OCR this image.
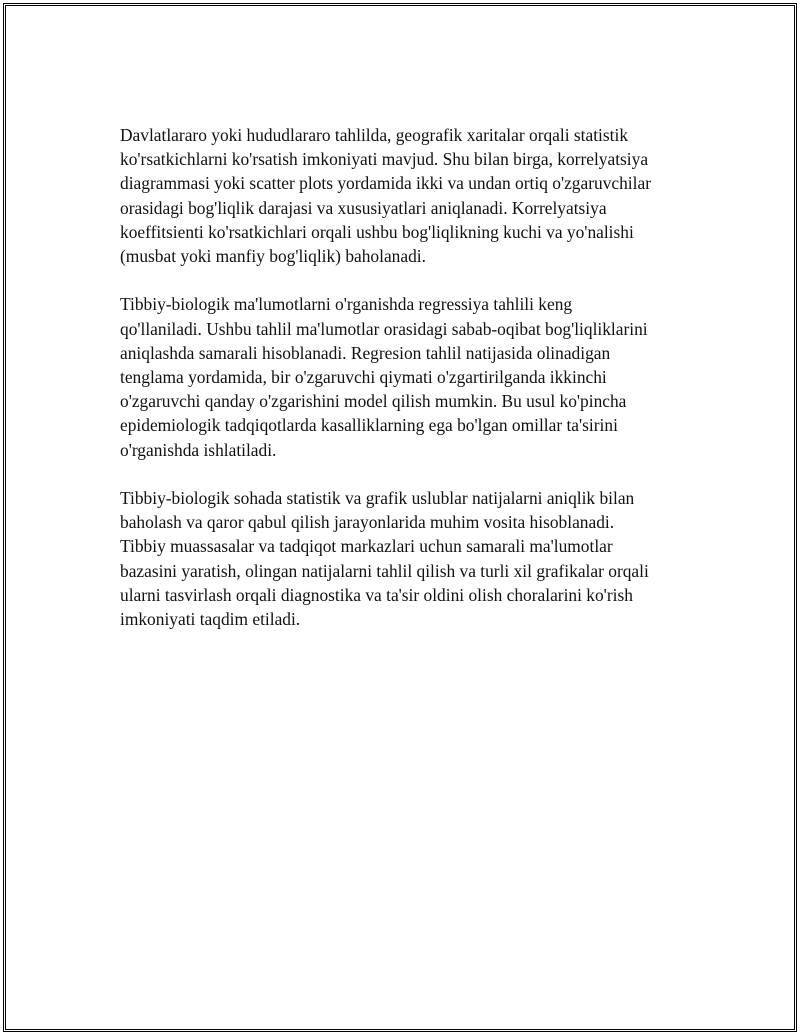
Davlatlararo yoki hududlararo tahlilda, geografik xaritalar orqali statistik
ko'rsatkichlarni ko'rsatish imkoniyati mavjud. Shu bilan birga, korrelyatsiya
diagrammasi yoki scatter plots yordamida ikki va undan ortiq o'zgaruvchilar
orasidagi bog'liqlik darajasi va xususiyatlari aniqlanadi. Korrelyatsiya
koeffitsienti ko'rsatkichlari orqali ushbu bog'liqlikning kuchi va yo'nalishi
(musbat yoki manfiy bog'liqlik) baholanadi.

Tibbiy-biologik ma'lumotlarni o'rganishda regressiya tahlili keng
qo'llaniladi. Ushbu tahlil ma'lumotlar orasidagi sabab-oqibat bog'liqliklarini
aniqlashda samarali hisoblanadi. Regresion tahlil natijasida olinadigan
tenglama yordamida, bir o'zgaruvchi qiymati o'zgartirilganda ikkinchi
o'zgaruvchi qanday o'zgarishini model qilish mumkin. Bu usul ko'pincha
epidemiologik tadqiqotlarda kasalliklarning ega bo'lgan omillar ta'sirini
o'rganishda ishlatiladi.

Tibbiy-biologik sohada statistik va grafik uslublar natijalarni aniqlik bilan
baholash va qaror qabul qilish jarayonlarida muhim vosita hisoblanadi.
Tibbiy muassasalar va tadqiqot markazlari uchun samarali ma'lumotlar
bazasini yaratish, olingan natijalarni tahlil qilish va turli xil grafikalar orqali
ularni tasvirlash orqali diagnostika va ta'sir oldini olish choralarini ko'rish
imkoniyati taqdim etiladi.
